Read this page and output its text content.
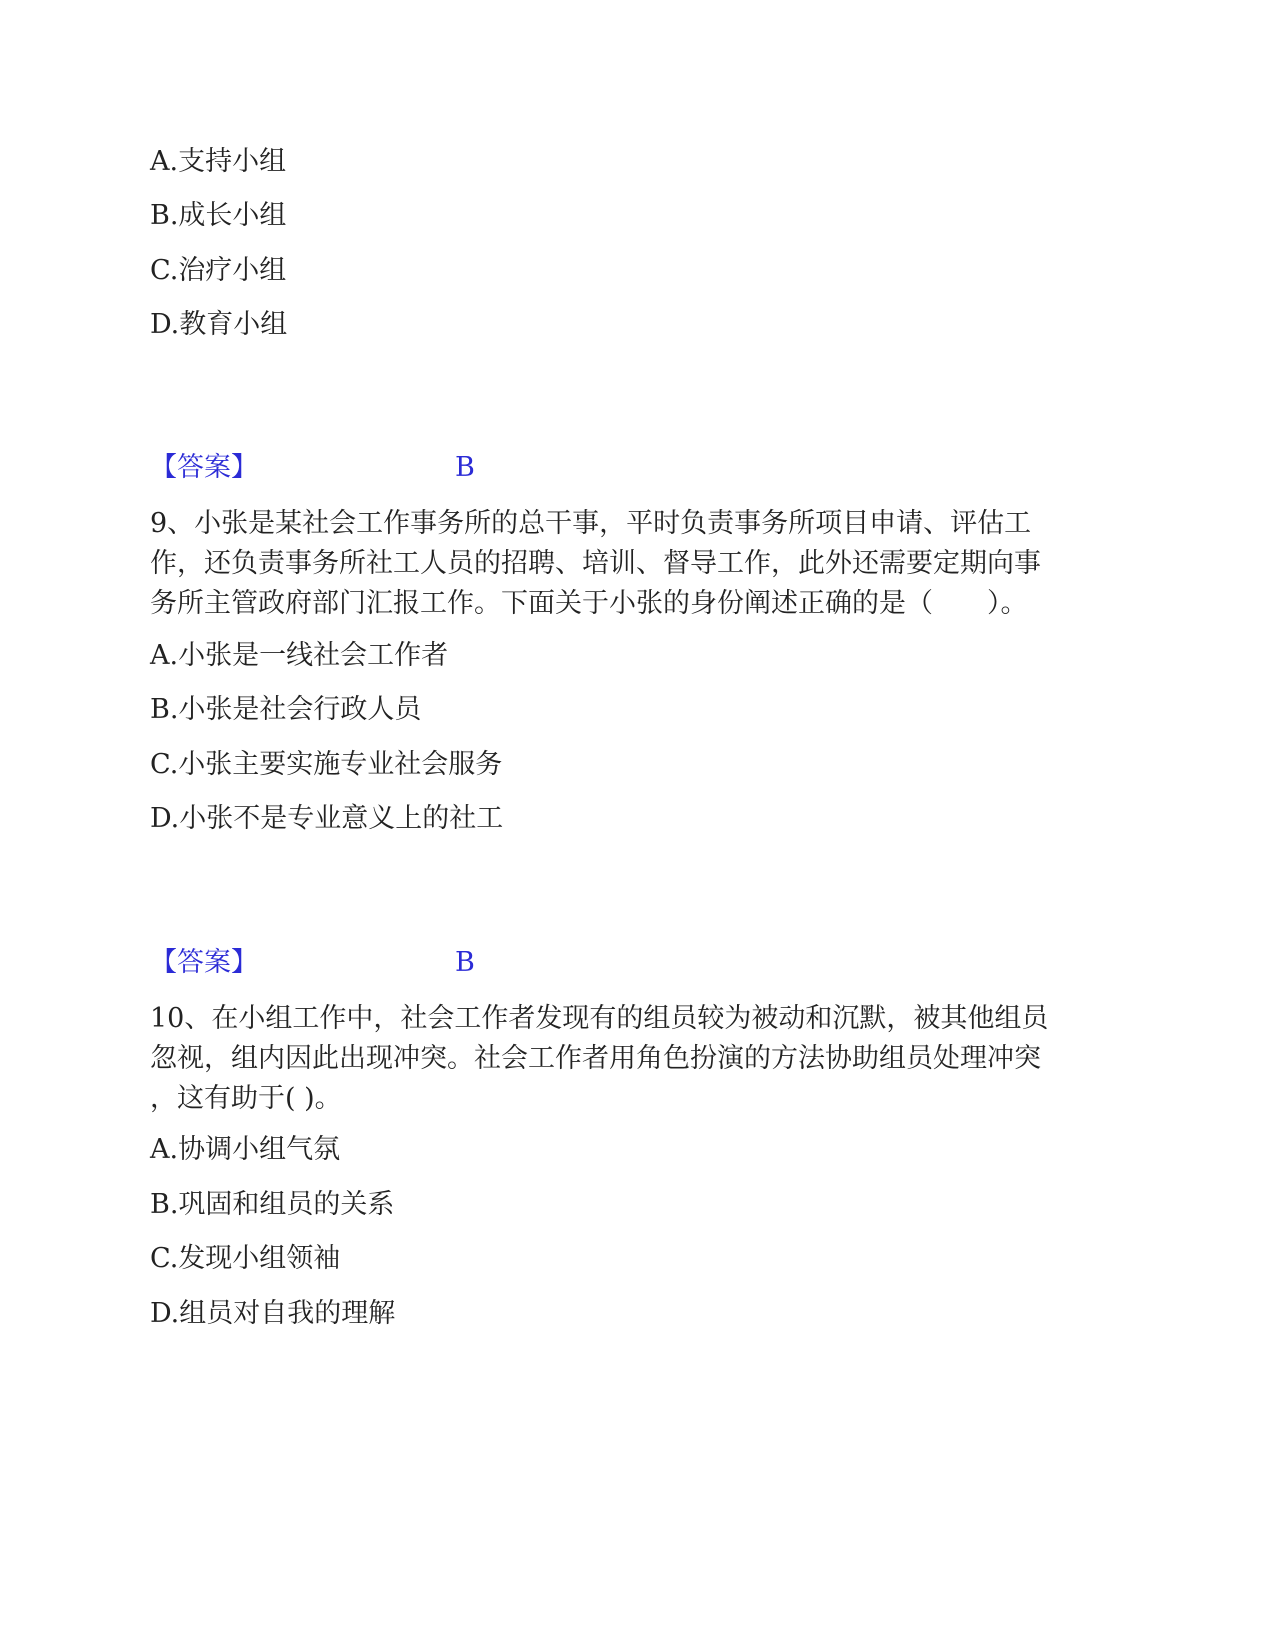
A.支持小组
B.成长小组
C.治疗小组
D.教育小组
【答案】	B
9、小张是某社会工作事务所的总干事，平时负责事务所项目申请、评估工
作，还负责事务所社工人员的招聘、培训、督导工作，此外还需要定期向事
务所主管政府部门汇报工作。下面关于小张的身份阐述正确的是（　　）。
A.小张是一线社会工作者
B.小张是社会行政人员
C.小张主要实施专业社会服务
D.小张不是专业意义上的社工
【答案】	B
10、在小组工作中，社会工作者发现有的组员较为被动和沉默，被其他组员
忽视，组内因此出现冲突。社会工作者用角色扮演的方法协助组员处理冲突
，这有助于( )。
A.协调小组气氛
B.巩固和组员的关系
C.发现小组领袖
D.组员对自我的理解
